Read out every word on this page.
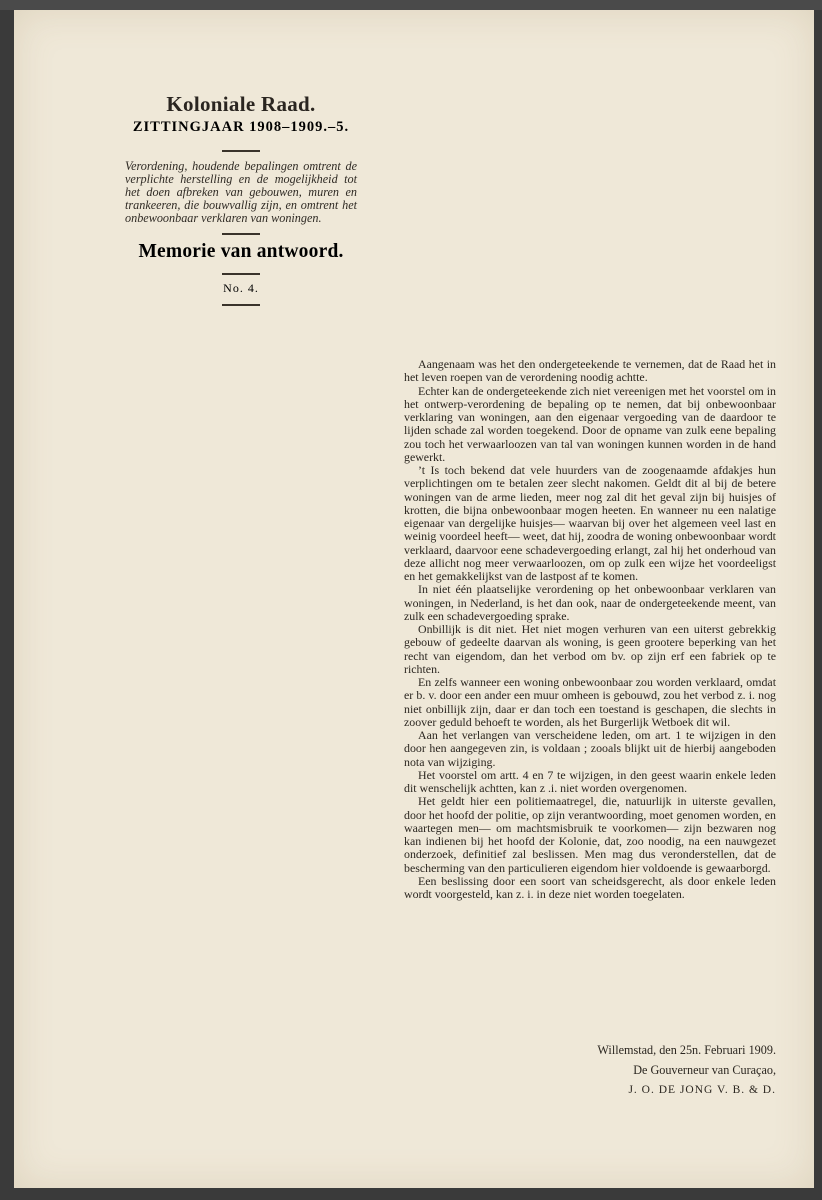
Koloniale Raad.
ZITTINGJAAR 1908–1909.–5.
Verordening, houdende bepalingen omtrent de verplichte herstelling en de mogelijkheid tot het doen afbreken van gebouwen, muren en trankeeren, die bouwvallig zijn, en omtrent het onbewoonbaar verklaren van woningen.
Memorie van antwoord.
No. 4.

Aangenaam was het den ondergeteekende te vernemen, dat de Raad het in het leven roepen van de verordening noodig achtte.

Echter kan de ondergeteekende zich niet vereenigen met het voorstel om in het ontwerp-verordening de bepaling op te nemen, dat bij onbewoonbaar verklaring van woningen, aan den eigenaar vergoeding van de daardoor te lijden schade zal worden toegekend. Door de opname van zulk eene bepaling zou toch het verwaarloozen van tal van woningen kunnen worden in de hand gewerkt.

’t Is toch bekend dat vele huurders van de zoogenaamde afdakjes hun verplichtingen om te betalen zeer slecht nakomen. Geldt dit al bij de betere woningen van de arme lieden, meer nog zal dit het geval zijn bij huisjes of krotten, die bijna onbewoonbaar mogen heeten. En wanneer nu een nalatige eigenaar van dergelijke huisjes— waarvan bij over het algemeen veel last en weinig voordeel heeft— weet, dat hij, zoodra de woning onbewoonbaar wordt verklaard, daarvoor eene schadevergoeding erlangt, zal hij het onderhoud van deze allicht nog meer verwaarloozen, om op zulk een wijze het voordeeligst en het gemakkelijkst van de lastpost af te komen.

In niet één plaatselijke verordening op het onbewoonbaar verklaren van woningen, in Nederland, is het dan ook, naar de ondergeteekende meent, van zulk een schadevergoeding sprake.

Onbillijk is dit niet. Het niet mogen verhuren van een uiterst gebrekkig gebouw of gedeelte daarvan als woning, is geen grootere beperking van het recht van eigendom, dan het verbod om bv. op zijn erf een fabriek op te richten.

En zelfs wanneer een woning onbewoonbaar zou worden verklaard, omdat er b. v. door een ander een muur omheen is gebouwd, zou het verbod z. i. nog niet onbillijk zijn, daar er dan toch een toestand is geschapen, die slechts in zoover geduld behoeft te worden, als het Burgerlijk Wetboek dit wil.

Aan het verlangen van verscheidene leden, om art. 1 te wijzigen in den door hen aangegeven zin, is voldaan ; zooals blijkt uit de hierbij aangeboden nota van wijziging.

Het voorstel om artt. 4 en 7 te wijzigen, in den geest waarin enkele leden dit wenschelijk achtten, kan z .i. niet worden overgenomen.

Het geldt hier een politiemaatregel, die, natuurlijk in uiterste gevallen, door het hoofd der politie, op zijn verantwoording, moet genomen worden, en waartegen men— om machtsmisbruik te voorkomen— zijn bezwaren nog kan indienen bij het hoofd der Kolonie, dat, zoo noodig, na een nauwgezet onderzoek, definitief zal beslissen. Men mag dus veronderstellen, dat de bescherming van den particulieren eigendom hier voldoende is gewaarborgd.

Een beslissing door een soort van scheidsgerecht, als door enkele leden wordt voorgesteld, kan z. i. in deze niet worden toegelaten.

Willemstad, den 25n. Februari 1909.
De Gouverneur van Curaçao,
J. O. DE JONG V. B. & D.
